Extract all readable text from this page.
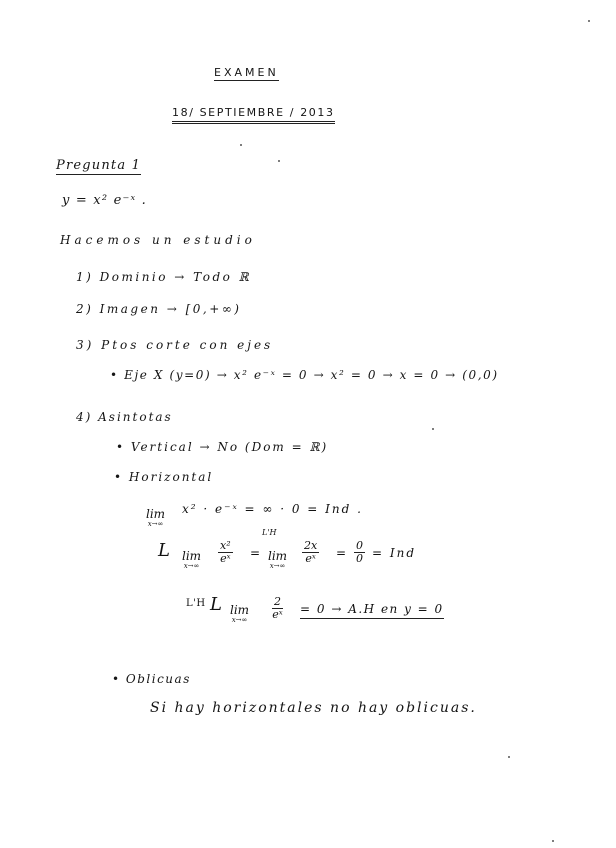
EXAMEN
18/ SEPTIEMBRE / 2013
Pregunta 1
y = x² e⁻ˣ .
Hacemos un estudio
1) Dominio → Todo ℝ
2) Imagen → [0,+∞)
3) Ptos corte con ejes
• Eje X (y=0) → x² e⁻ˣ = 0 → x² = 0 → x = 0 → (0,0)
4) Asintotas
• Vertical → No (Dom = ℝ)
• Horizontal
lim
x→∞
x² · e⁻ˣ = ∞ · 0 = Ind .
L lim
x→∞
$\frac{\text{x²}}{\text{eˣ}}$ =
L'H
lim
x→∞
$\frac{2x}{\text{eˣ}} = \frac{0}{0}$ = Ind
L'H L lim
$x\to\infty \frac{2}{\text{eˣ}} = 0 \to A.H$ en y = 0
• Oblicuas
Si hay horizontales no hay oblicuas.
